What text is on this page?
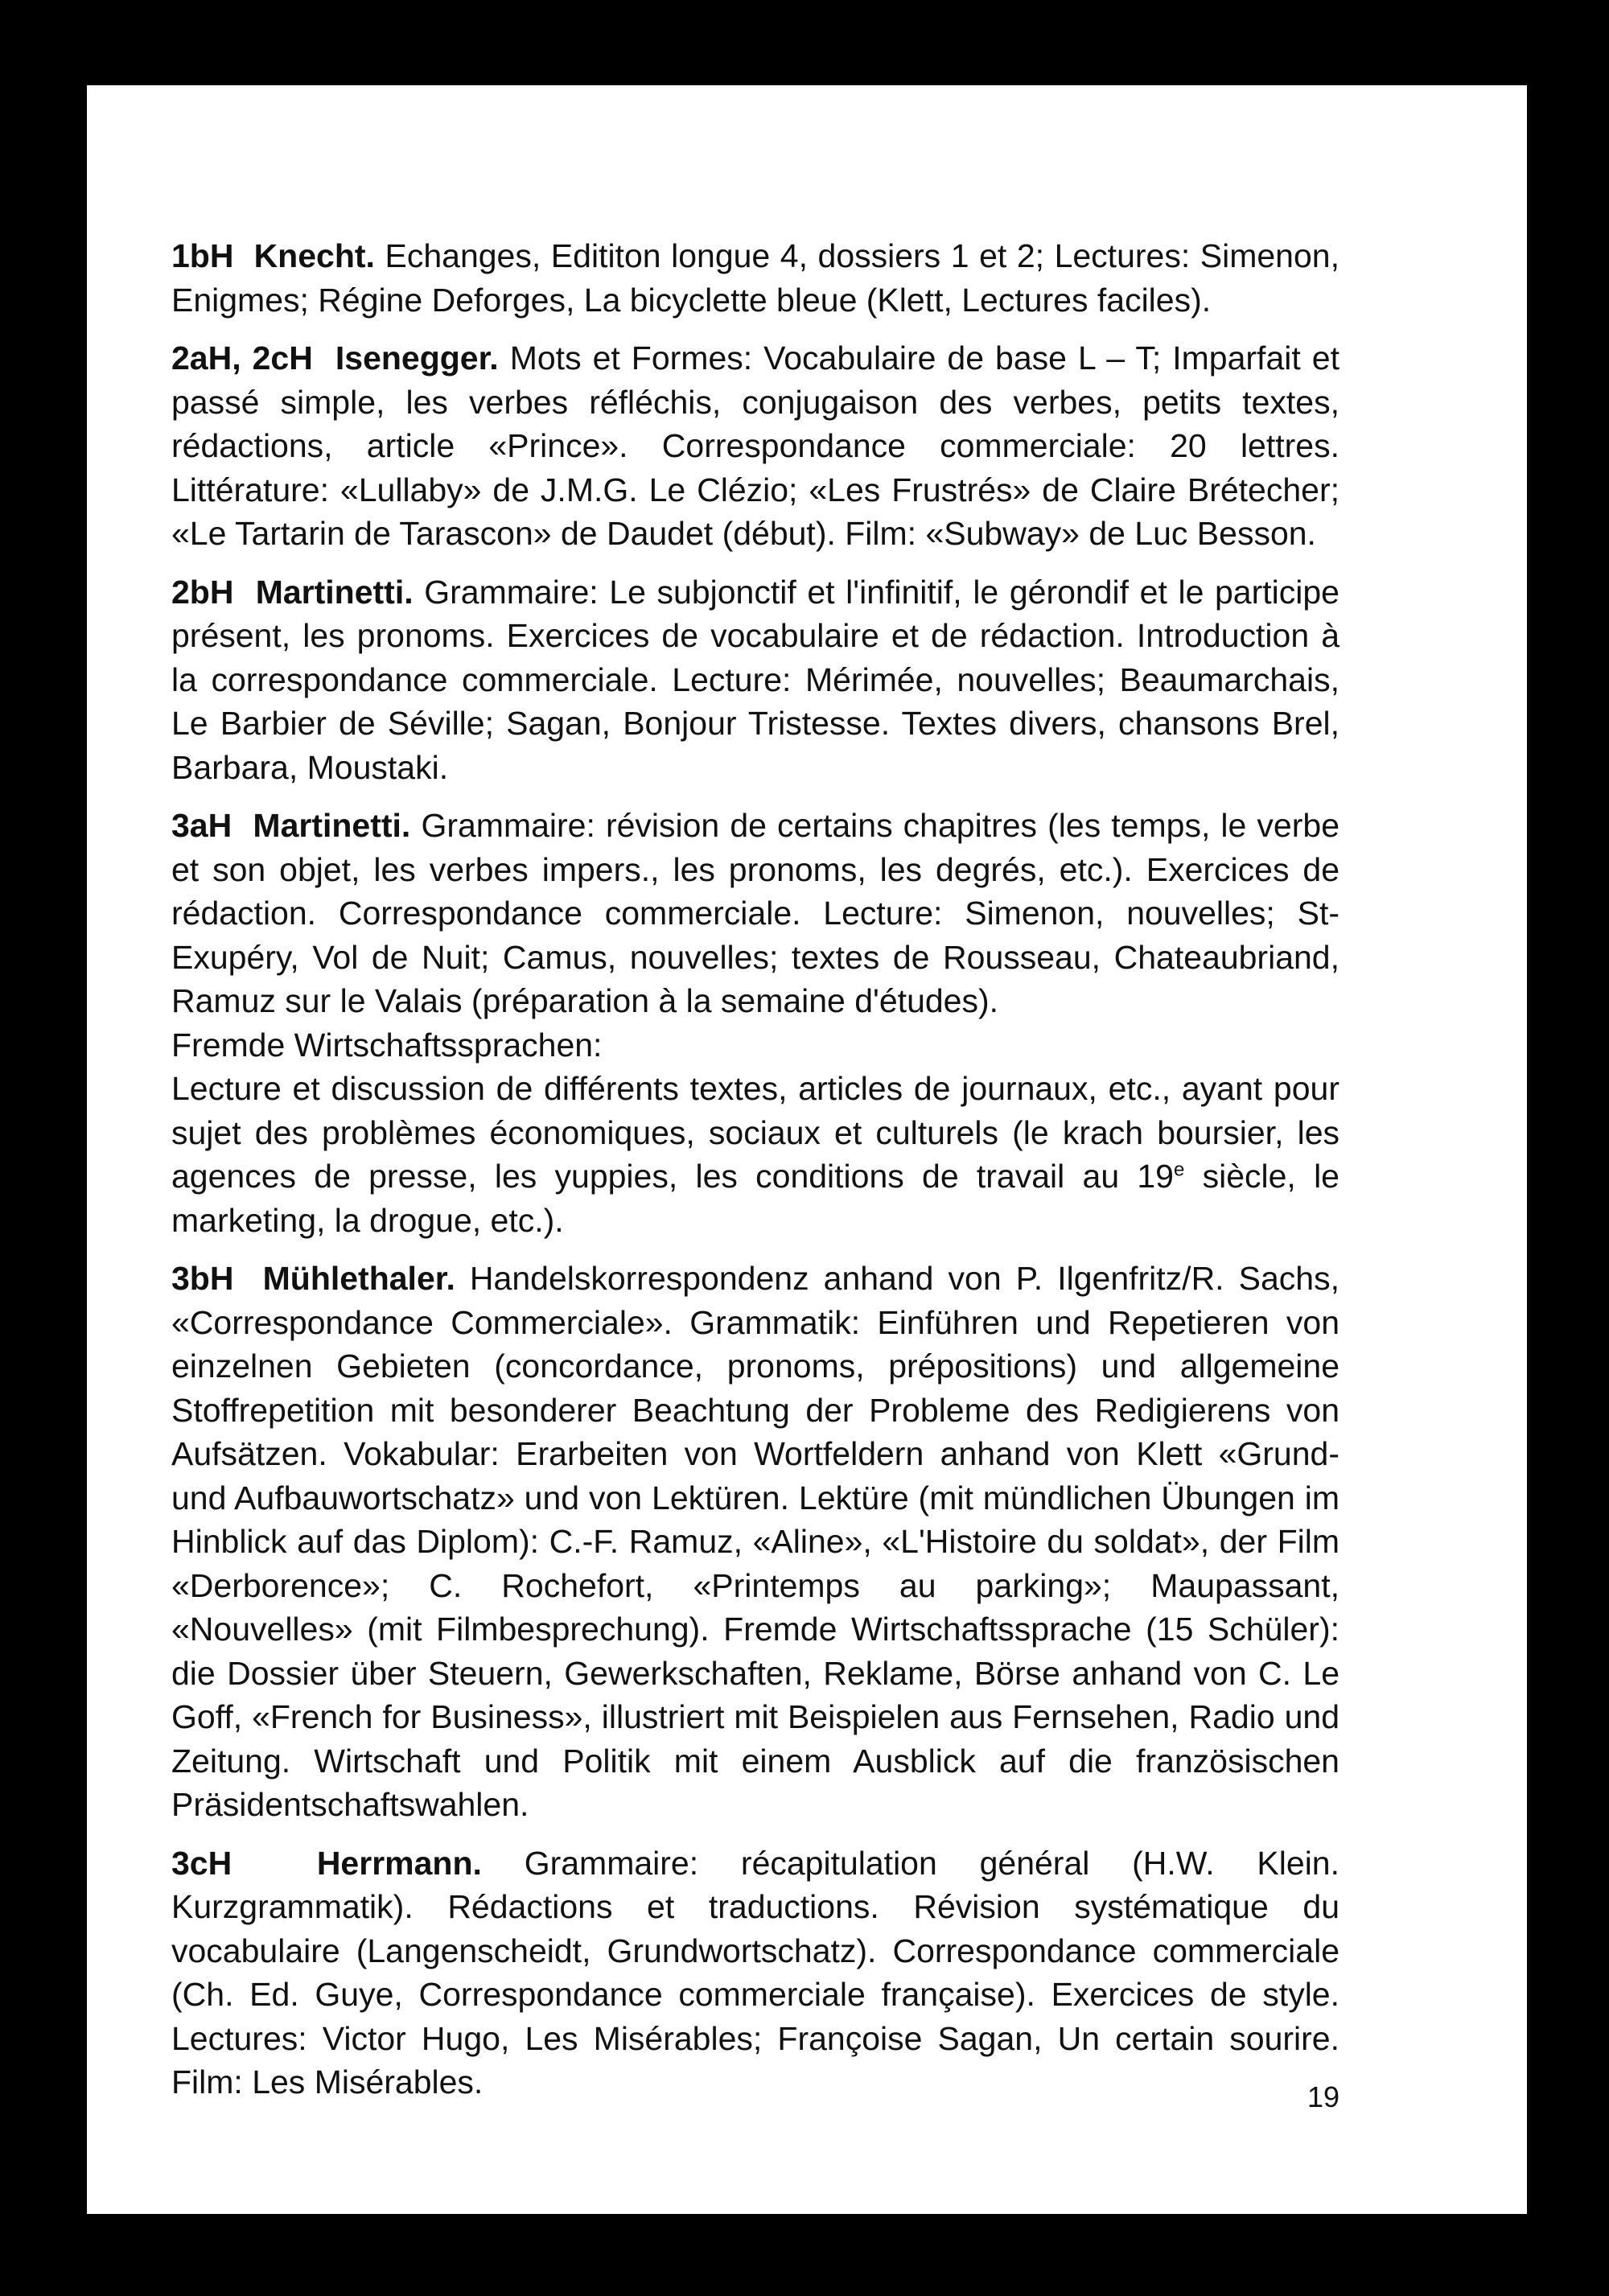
1bH Knecht. Echanges, Edititon longue 4, dossiers 1 et 2; Lectures: Simenon, Enigmes; Régine Deforges, La bicyclette bleue (Klett, Lectures faciles).

2aH, 2cH Isenegger. Mots et Formes: Vocabulaire de base L – T; Imparfait et passé simple, les verbes réfléchis, conjugaison des verbes, petits textes, rédactions, article «Prince». Correspondance commerciale: 20 lettres. Littérature: «Lullaby» de J.M.G. Le Clézio; «Les Frustrés» de Claire Brétecher; «Le Tartarin de Tarascon» de Daudet (début). Film: «Subway» de Luc Besson.

2bH Martinetti. Grammaire: Le subjonctif et l'infinitif, le gérondif et le participe présent, les pronoms. Exercices de vocabulaire et de rédaction. Introduction à la correspondance commerciale. Lecture: Mérimée, nouvelles; Beaumarchais, Le Barbier de Séville; Sagan, Bonjour Tristesse. Textes divers, chansons Brel, Barbara, Moustaki.

3aH Martinetti. Grammaire: révision de certains chapitres (les temps, le verbe et son objet, les verbes impers., les pronoms, les degrés, etc.). Exercices de rédaction. Correspondance commerciale. Lecture: Simenon, nouvelles; St-Exupéry, Vol de Nuit; Camus, nouvelles; textes de Rousseau, Chateaubriand, Ramuz sur le Valais (préparation à la semaine d'études).
Fremde Wirtschaftssprachen:
Lecture et discussion de différents textes, articles de journaux, etc., ayant pour sujet des problèmes économiques, sociaux et culturels (le krach boursier, les agences de presse, les yuppies, les conditions de travail au 19e siècle, le marketing, la drogue, etc.).

3bH Mühlethaler. Handelskorrespondenz anhand von P. Ilgenfritz/R. Sachs, «Correspondance Commerciale». Grammatik: Einführen und Repetieren von einzelnen Gebieten (concordance, pronoms, prépositions) und allgemeine Stoffrepetition mit besonderer Beachtung der Probleme des Redigierens von Aufsätzen. Vokabular: Erarbeiten von Wortfeldern anhand von Klett «Grund- und Aufbauwortschatz» und von Lektüren. Lektüre (mit mündlichen Übungen im Hinblick auf das Diplom): C.-F. Ramuz, «Aline», «L'Histoire du soldat», der Film «Derborence»; C. Rochefort, «Printemps au parking»; Maupassant, «Nouvelles» (mit Filmbesprechung). Fremde Wirtschaftssprache (15 Schüler): die Dossier über Steuern, Gewerkschaften, Reklame, Börse anhand von C. Le Goff, «French for Business», illustriert mit Beispielen aus Fernsehen, Radio und Zeitung. Wirtschaft und Politik mit einem Ausblick auf die französischen Präsidentschaftswahlen.

3cH	Herrmann. Grammaire: récapitulation général (H.W. Klein. Kurzgrammatik). Rédactions et traductions. Révision systématique du vocabulaire (Langenscheidt, Grundwortschatz). Correspondance commerciale (Ch. Ed. Guye, Correspondance commerciale française). Exercices de style. Lectures: Victor Hugo, Les Misérables; Françoise Sagan, Un certain sourire. Film: Les Misérables.	19
